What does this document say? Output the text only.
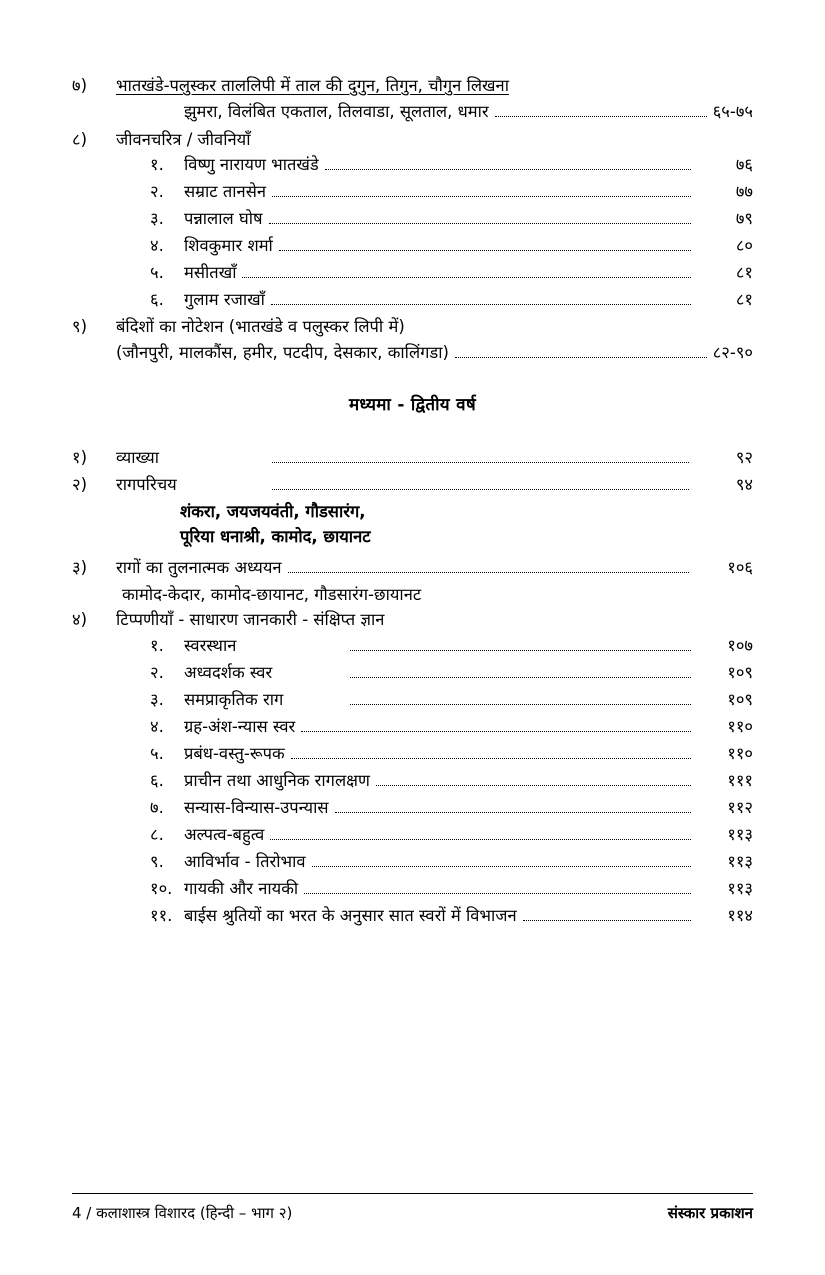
७)	भातखंडे-पलुस्कर ताललिपी में ताल की दुगुन, तिगुन, चौगुन लिखना
झुमरा, विलंबित एकताल, तिलवाडा, सूलताल, धमार	६५-७५
८)	जीवनचरित्र / जीवनियाँ
१.	विष्णु नारायण भातखंडे	७६
२.	सम्राट तानसेन	७७
३.	पन्नालाल घोष	७९
४.	शिवकुमार शर्मा	८०
५.	मसीतखाँ	८१
६.	गुलाम रजाखाँ	८१
९)	बंदिशों का नोटेशन (भातखंडे व पलुस्कर लिपी में)
(जौनपुरी, मालकौंस, हमीर, पटदीप, देसकार, कालिंगडा)	८२-९०
मध्यमा - द्वितीय वर्ष
१)	व्याख्या	९२
२)	रागपरिचय	९४
शंकरा, जयजयवंती, गौडसारंग,
पूरिया धनाश्री, कामोद, छायानट
३)	रागों का तुलनात्मक अध्ययन	१०६
कामोद-केदार, कामोद-छायानट, गौडसारंग-छायानट
४)	टिप्पणीयाँ - साधारण जानकारी - संक्षिप्त ज्ञान
१.	स्वरस्थान	१०७
२.	अध्वदर्शक स्वर	१०९
३.	समप्राकृतिक राग	१०९
४.	ग्रह-अंश-न्यास स्वर	११०
५.	प्रबंध-वस्तु-रूपक	११०
६.	प्राचीन तथा आधुनिक रागलक्षण	१११
७.	सन्यास-विन्यास-उपन्यास	११२
८.	अल्पत्व-बहुत्व	११३
९.	आविर्भाव - तिरोभाव	११३
१०. गायकी और नायकी	११३
११. बाईस श्रुतियों का भरत के अनुसार सात स्वरों में विभाजन	११४
4 / कलाशास्त्र विशारद (हिन्दी – भाग २)	संस्कार प्रकाशन
